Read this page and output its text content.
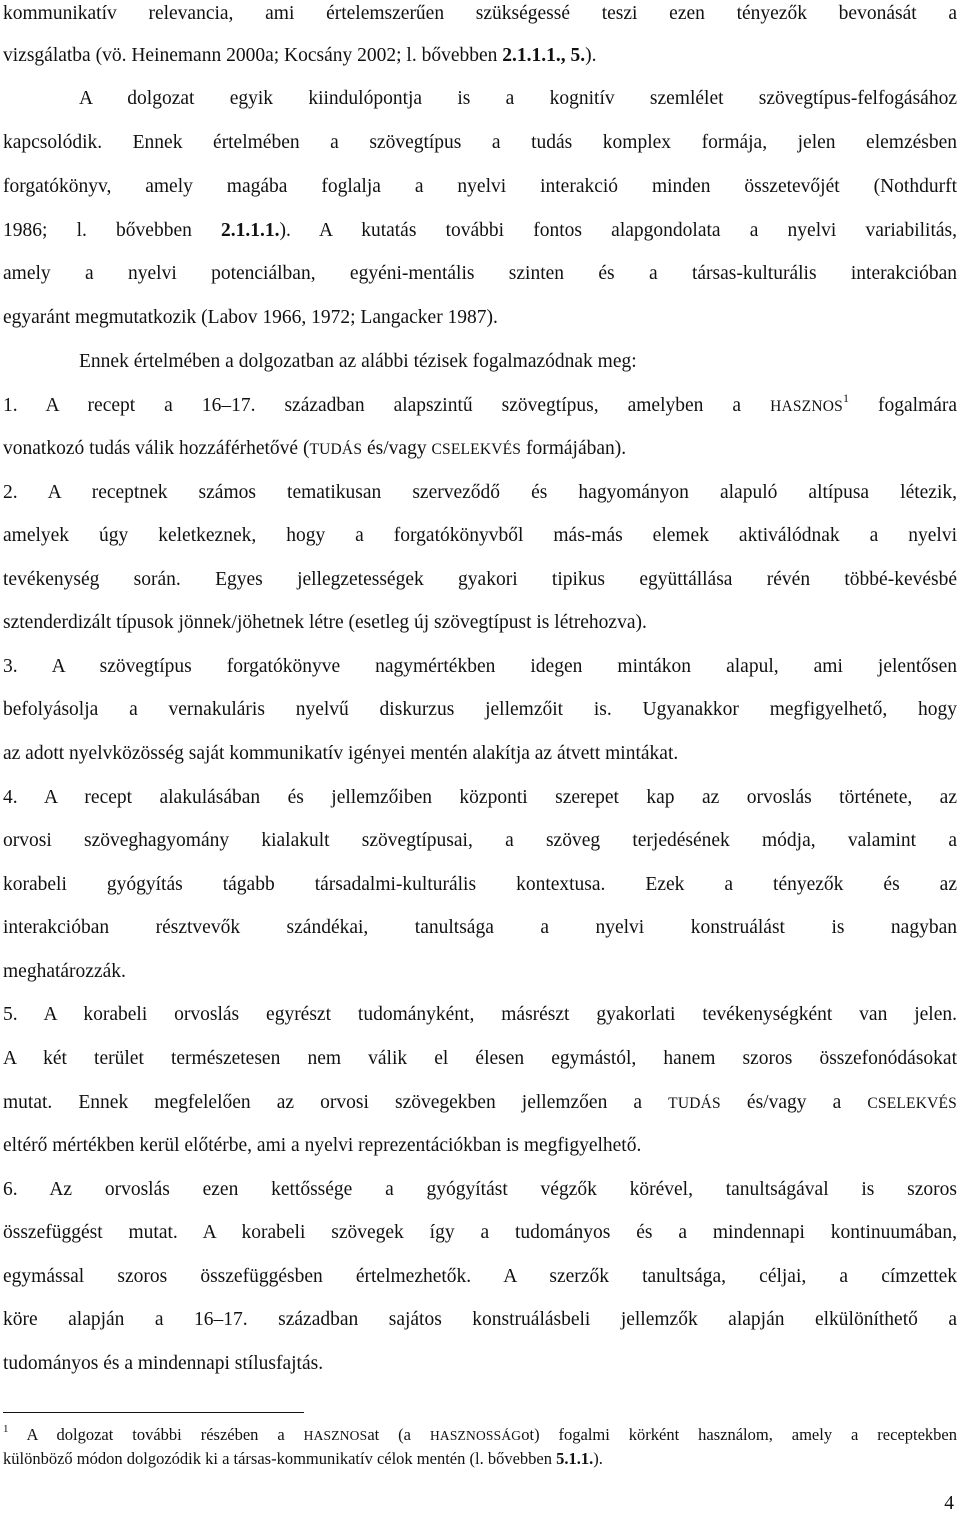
kommunikatív relevancia, ami értelemszerűen szükségessé teszi ezen tényezők bevonását a
vizsgálatba (vö. Heinemann 2000a; Kocsány 2002; l. bővebben 2.1.1.1., 5.).
A dolgozat egyik kiindulópontja is a kognitív szemlélet szövegtípus-felfogásához
kapcsolódik. Ennek értelmében a szövegtípus a tudás komplex formája, jelen elemzésben
forgatókönyv, amely magába foglalja a nyelvi interakció minden összetevőjét (Nothdurft
1986; l. bővebben 2.1.1.1.). A kutatás további fontos alapgondolata a nyelvi variabilitás,
amely a nyelvi potenciálban, egyéni-mentális szinten és a társas-kulturális interakcióban
egyaránt megmutatkozik (Labov 1966, 1972; Langacker 1987).
Ennek értelmében a dolgozatban az alábbi tézisek fogalmazódnak meg:
1. A recept a 16–17. században alapszintű szövegtípus, amelyben a HASZNOS$^1$ fogalmára
vonatkozó tudás válik hozzáférhetővé (TUDÁS és/vagy CSELEKVÉS formájában).
2. A receptnek számos tematikusan szerveződő és hagyományon alapuló altípusa létezik,
amelyek úgy keletkeznek, hogy a forgatókönyvből más-más elemek aktiválódnak a nyelvi
tevékenység során. Egyes jellegzetességek gyakori tipikus együttállása révén többé-kevésbé
sztenderdizált típusok jönnek/jöhetnek létre (esetleg új szövegtípust is létrehozva).
3. A szövegtípus forgatókönyve nagymértékben idegen mintákon alapul, ami jelentősen
befolyásolja a vernakuláris nyelvű diskurzus jellemzőit is. Ugyanakkor megfigyelhető, hogy
az adott nyelvközösség saját kommunikatív igényei mentén alakítja az átvett mintákat.
4. A recept alakulásában és jellemzőiben központi szerepet kap az orvoslás története, az
orvosi szöveghagyomány kialakult szövegtípusai, a szöveg terjedésének módja, valamint a
korabeli gyógyítás tágabb társadalmi-kulturális kontextusa. Ezek a tényezők és az
interakcióban résztvevők szándékai, tanultsága a nyelvi konstruálást is nagyban
meghatározzák.
5. A korabeli orvoslás egyrészt tudományként, másrészt gyakorlati tevékenységként van jelen.
A két terület természetesen nem válik el élesen egymástól, hanem szoros összefonódásokat
mutat. Ennek megfelelően az orvosi szövegekben jellemzően a TUDÁS és/vagy a CSELEKVÉS
eltérő mértékben kerül előtérbe, ami a nyelvi reprezentációkban is megfigyelhető.
6. Az orvoslás ezen kettőssége a gyógyítást végzők körével, tanultságával is szoros
összefüggést mutat. A korabeli szövegek így a tudományos és a mindennapi kontinuumában,
egymással szoros összefüggésben értelmezhetők. A szerzők tanultsága, céljai, a címzettek
köre alapján a 16–17. században sajátos konstruálásbeli jellemzők alapján elkülöníthető a
tudományos és a mindennapi stílusfajtás.
$^1$ A dolgozat további részében a HASZNOSat (a HASZNOSSÁGot) fogalmi körként használom, amely a receptekben
különböző módon dolgozódik ki a társas-kommunikatív célok mentén (l. bővebben 5.1.1.).
4
